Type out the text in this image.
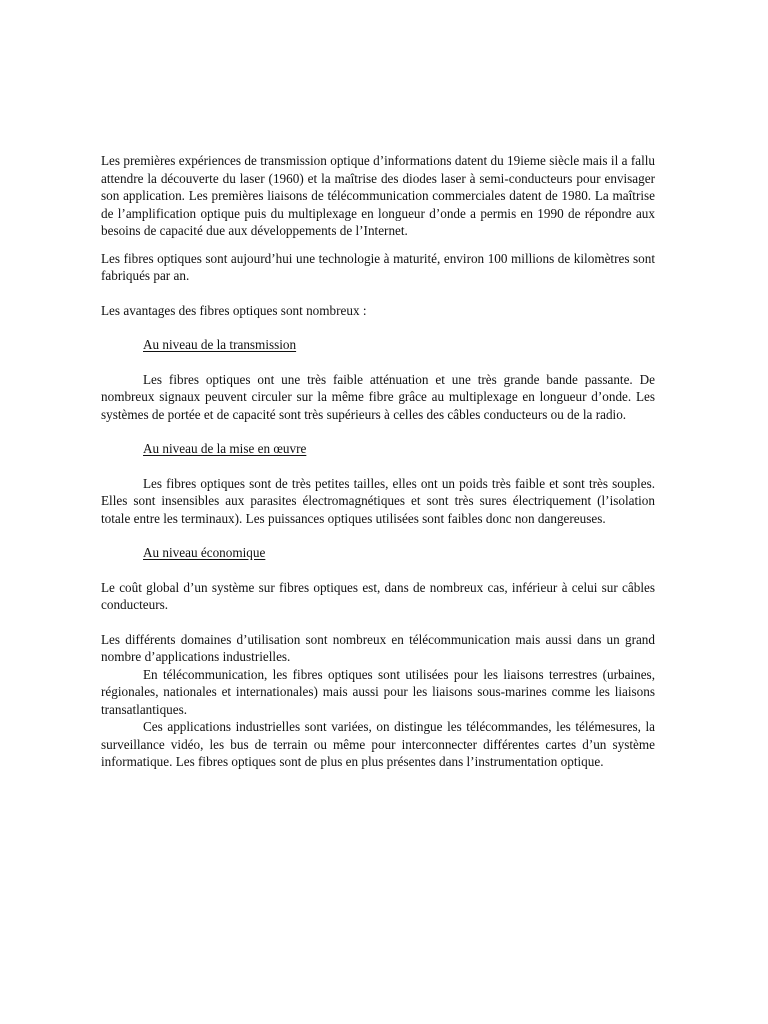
Les premières expériences de transmission optique d’informations datent du 19ieme siècle mais il a fallu attendre la découverte du laser (1960) et la maîtrise des diodes laser à semi-conducteurs pour envisager son application. Les premières liaisons de télécommunication commerciales datent de 1980. La maîtrise de l’amplification optique puis du multiplexage en longueur d’onde a permis en 1990 de répondre aux besoins de capacité due aux développements de l’Internet.

Les fibres optiques sont aujourd’hui une technologie à maturité, environ 100 millions de kilomètres sont fabriqués par an.

Les avantages des fibres optiques sont nombreux :

Au niveau de la transmission

Les fibres optiques ont une très faible atténuation et une très grande bande passante. De nombreux signaux peuvent circuler sur la même fibre grâce au multiplexage en longueur d’onde. Les systèmes de portée et de capacité sont très supérieurs à celles des câbles conducteurs ou de la radio.

Au niveau de la mise en œuvre

Les fibres optiques sont de très petites tailles, elles ont un poids très faible et sont très souples. Elles sont insensibles aux parasites électromagnétiques et sont très sures électriquement (l’isolation totale entre les terminaux). Les puissances optiques utilisées sont faibles donc non dangereuses.

Au niveau économique

Le coût global d’un système sur fibres optiques est, dans de nombreux cas, inférieur à celui sur câbles conducteurs.

Les différents domaines d’utilisation sont nombreux en télécommunication mais aussi dans un grand nombre d’applications industrielles.

En télécommunication, les fibres optiques sont utilisées pour les liaisons terrestres (urbaines, régionales, nationales et internationales) mais aussi pour les liaisons sous-marines comme les liaisons transatlantiques.

Ces applications industrielles sont variées, on distingue les télécommandes, les télémesures, la surveillance vidéo, les bus de terrain ou même pour interconnecter différentes cartes d’un système informatique. Les fibres optiques sont de plus en plus présentes dans l’instrumentation optique.
